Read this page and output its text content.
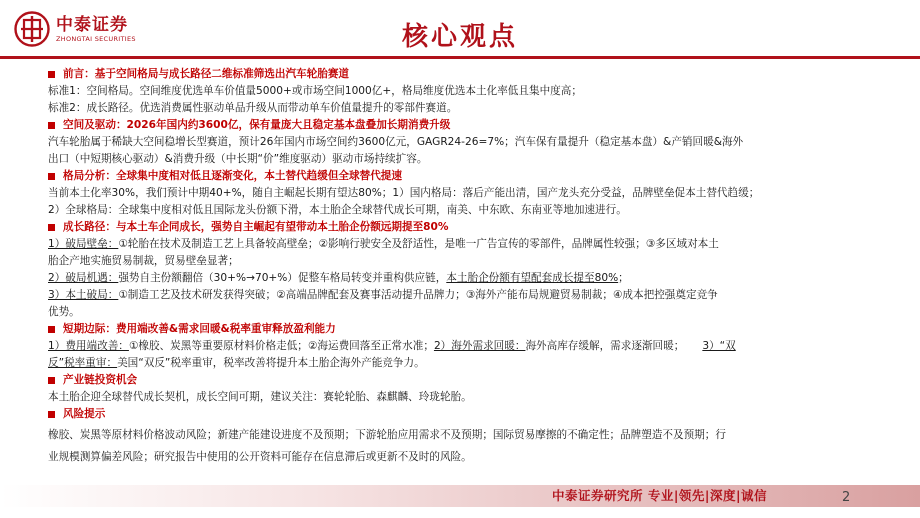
中泰证券
ZHONGTAI SECURITIES	核心观点

前言：基于空间格局与成长路径二维标准筛选出汽车轮胎赛道

标准1：空间格局。空间维度优选单车价值量5000+或市场空间1000亿+，格局维度优选本土化率低且集中度高；

标准2：成长路径。优选消费属性驱动单品升级从而带动单车价值量提升的零部件赛道。

空间及驱动：2026年国内约3600亿，保有量庞大且稳定基本盘叠加长期消费升级

汽车轮胎属于稀缺大空间稳增长型赛道，预计26年国内市场空间约3600亿元，GAGR24-26=7%；汽车保有量提升（稳定基本盘）&产销回暖&海外

出口（中短期核心驱动）&消费升级（中长期“价”维度驱动）驱动市场持续扩容。

格局分析：全球集中度相对低且逐渐变化，本土替代趋缓但全球替代提速

当前本土化率30%，我们预计中期40+%，随自主崛起长期有望达80%；1）国内格局：落后产能出清，国产龙头充分受益，品牌壁垒促本土替代趋缓；

2）全球格局：全球集中度相对低且国际龙头份额下滑，本土胎企全球替代成长可期，南美、中东欧、东南亚等地加速进行。

成长路径：与本土车企同成长，强势自主崛起有望带动本土胎企份额远期提至80%

1）破局壁垒：①轮胎在技术及制造工艺上具备较高壁垒；②影响行驶安全及舒适性，是唯一广告宣传的零部件，品牌属性较强；③多区域对本土

胎企产地实施贸易制裁，贸易壁垒显著；

2）破局机遇：强势自主份额翻倍（30+%→70+%）促整车格局转变并重构供应链，本土胎企份额有望配套成长提至80%；

3）本土破局：①制造工艺及技术研发获得突破；②高端品牌配套及赛事活动提升品牌力；③海外产能布局规避贸易制裁；④成本把控强奠定竞争

优势。

短期边际：费用端改善&需求回暖&税率重审释放盈利能力

1）费用端改善：①橡胶、炭黑等重要原材料价格走低；②海运费回落至正常水准；2）海外需求回暖：海外高库存缓解，需求逐渐回暖； 3）“双

反”税率重审：美国“双反”税率重审，税率改善将提升本土胎企海外产能竞争力。

产业链投资机会

本土胎企迎全球替代成长契机，成长空间可期，建议关注：赛轮轮胎、森麒麟、玲珑轮胎。

风险提示

橡胶、炭黑等原材料价格波动风险；新建产能建设进度不及预期；下游轮胎应用需求不及预期；国际贸易摩擦的不确定性；品牌塑造不及预期；行

业规模测算偏差风险；研究报告中使用的公开资料可能存在信息滞后或更新不及时的风险。

中泰证券研究所 专业|领先|深度|诚信	2
